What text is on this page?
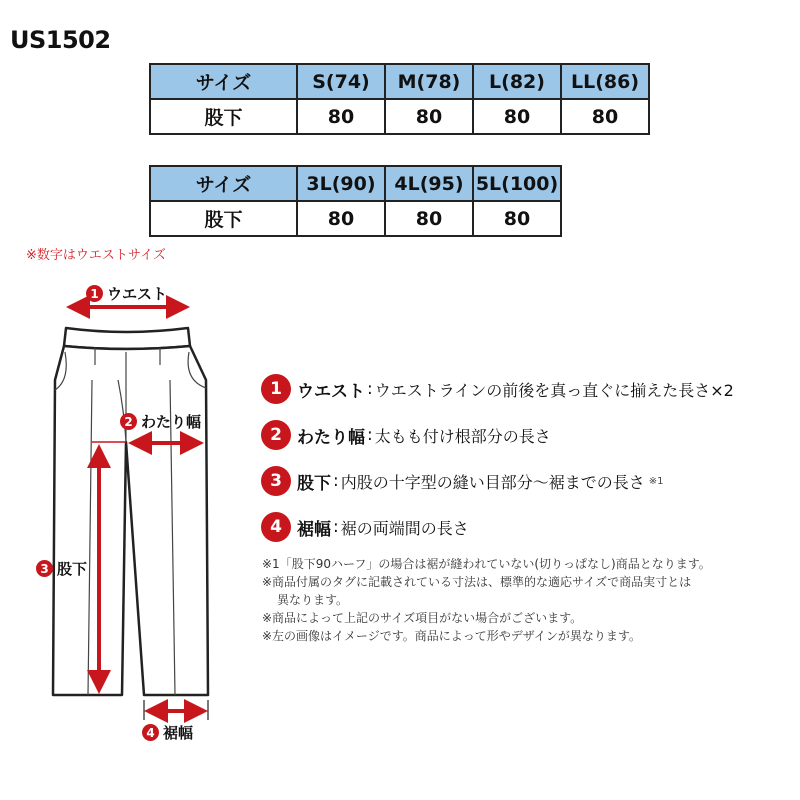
US1502
サイズ	S(74)	M(78)	L(82)	LL(86)
股下	80	80	80	80
サイズ	3L(90)	4L(95)	5L(100)
股下	80	80	80
※数字はウエストサイズ
1 ウエスト
2 わたり幅
3 股下
4 裾幅
1 ウエスト : ウエストラインの前後を真っ直ぐに揃えた長さ×2
2 わたり幅 : 太もも付け根部分の長さ
3 股下 : 内股の十字型の縫い目部分〜裾までの長さ ※1
4 裾幅 : 裾の両端間の長さ
※1「股下90ハーフ」の場合は裾が縫われていない(切りっぱなし)商品となります。
※商品付属のタグに記載されている寸法は、標準的な適応サイズで商品実寸とは
異なります。
※商品によって上記のサイズ項目がない場合がございます。
※左の画像はイメージです。商品によって形やデザインが異なります。
